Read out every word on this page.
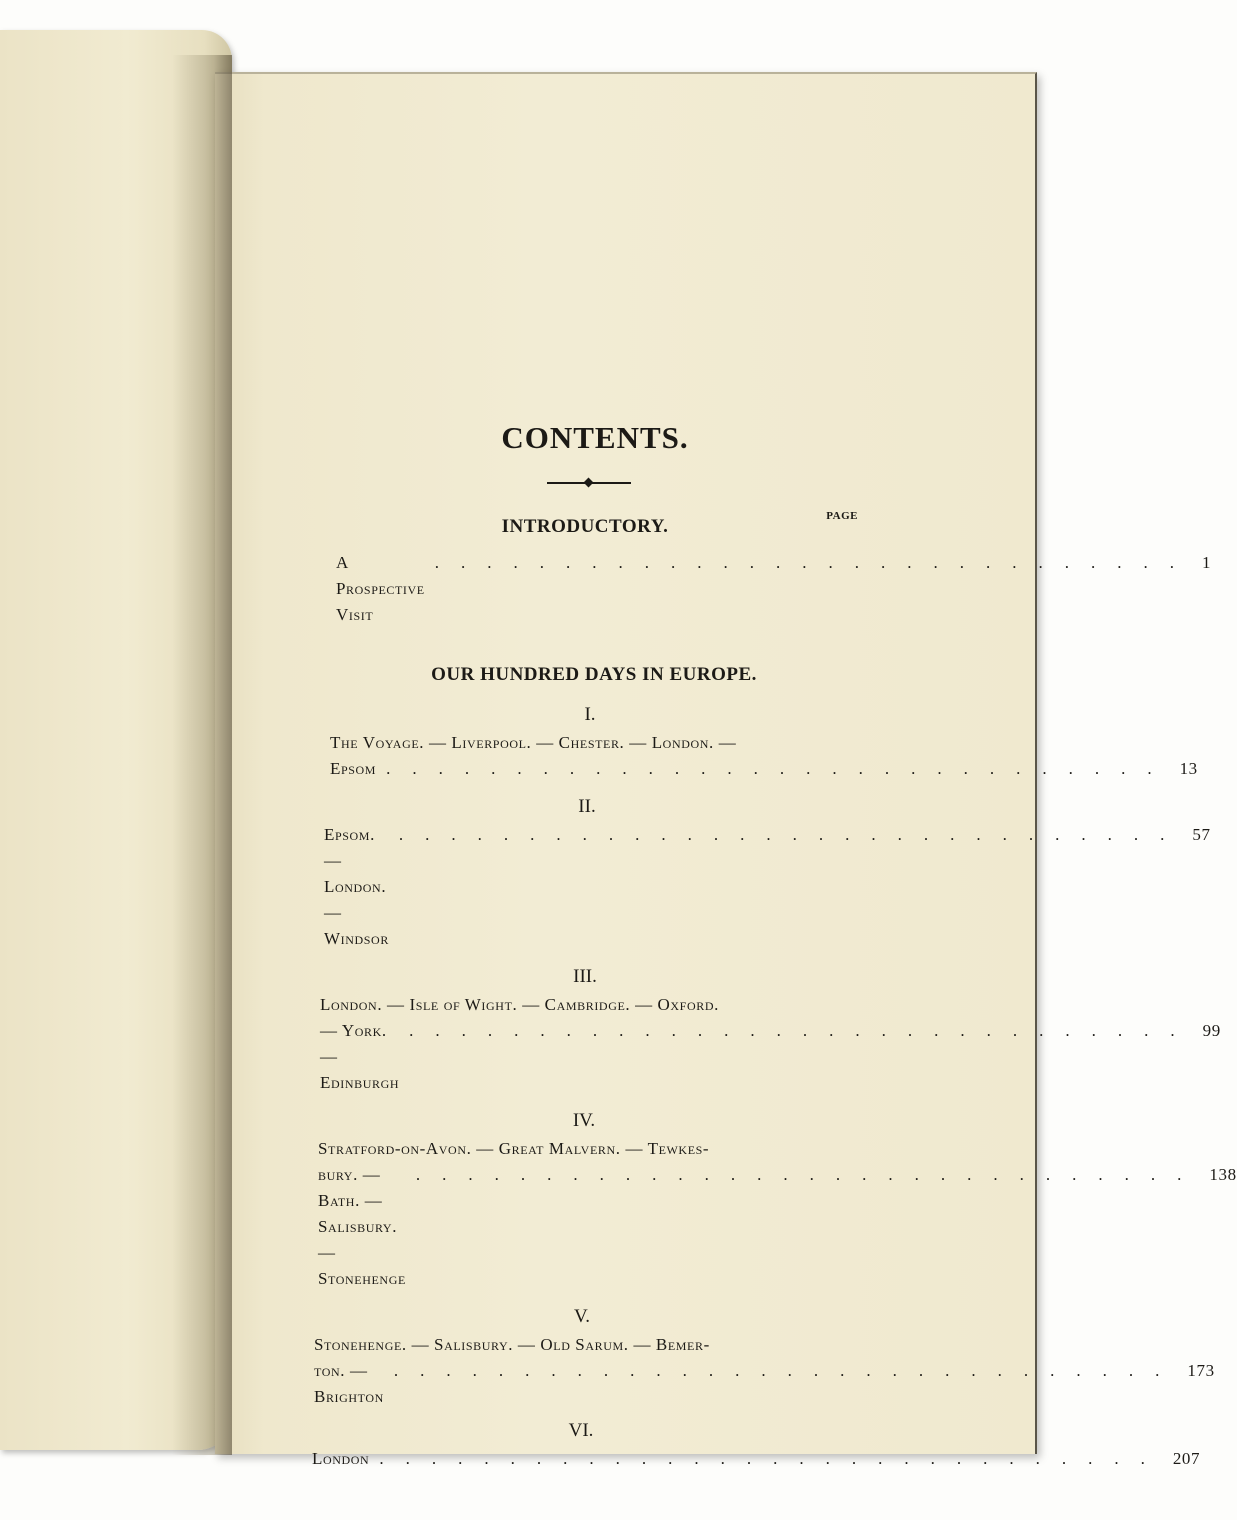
CONTENTS.
PAGE
INTRODUCTORY.
A Prospective Visit
............................. 1
OUR HUNDRED DAYS IN EUROPE.
I.
The Voyage. — Liverpool. — Chester. — London. —
Epsom .............................. 13
II.
Epsom. — London. — Windsor
.............................. 57
III.
London. — Isle of Wight. — Cambridge. — Oxford.
— York. — Edinburgh
.............................. 99
IV.
Stratford-on-Avon. — Great Malvern. — Tewkes-
bury. — Bath. — Salisbury. — Stonehenge
.............................. 138
V.
Stonehenge. — Salisbury. — Old Sarum. — Bemer-
ton. — Brighton
.............................. 173
VI.
London .............................. 207
